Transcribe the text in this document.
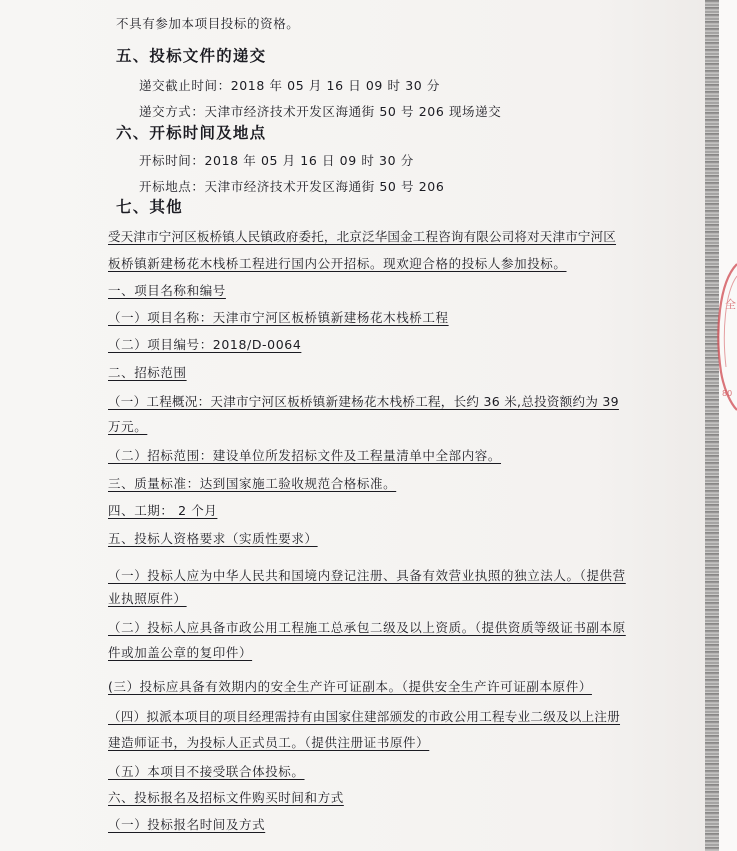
不具有参加本项目投标的资格。
五、投标文件的递交
递交截止时间：2018 年 05 月 16 日 09 时 30 分
递交方式：天津市经济技术开发区海通街 50 号 206 现场递交
六、开标时间及地点
开标时间：2018 年 05 月 16 日 09 时 30 分
开标地点：天津市经济技术开发区海通街 50 号 206
七、其他
受天津市宁河区板桥镇人民镇政府委托，北京泛华国金工程咨询有限公司将对天津市宁河区
板桥镇新建杨花木栈桥工程进行国内公开招标。现欢迎合格的投标人参加投标。
一、项目名称和编号
（一）项目名称：天津市宁河区板桥镇新建杨花木栈桥工程
（二）项目编号：2018/D-0064
二、招标范围
（一）工程概况：天津市宁河区板桥镇新建杨花木栈桥工程，长约 36 米,总投资额约为 39
万元。
（二）招标范围：建设单位所发招标文件及工程量清单中全部内容。
三、质量标准：达到国家施工验收规范合格标准。
四、工期： 2 个月
五、投标人资格要求（实质性要求）
（一）投标人应为中华人民共和国境内登记注册、具备有效营业执照的独立法人。（提供营
业执照原件）
（二）投标人应具备市政公用工程施工总承包二级及以上资质。（提供资质等级证书副本原
件或加盖公章的复印件）
(三）投标应具备有效期内的安全生产许可证副本。（提供安全生产许可证副本原件）
（四）拟派本项目的项目经理需持有由国家住建部颁发的市政公用工程专业二级及以上注册
建造师证书，为投标人正式员工。（提供注册证书原件）
（五）本项目不接受联合体投标。
六、投标报名及招标文件购买时间和方式
（一）投标报名时间及方式
全
80
